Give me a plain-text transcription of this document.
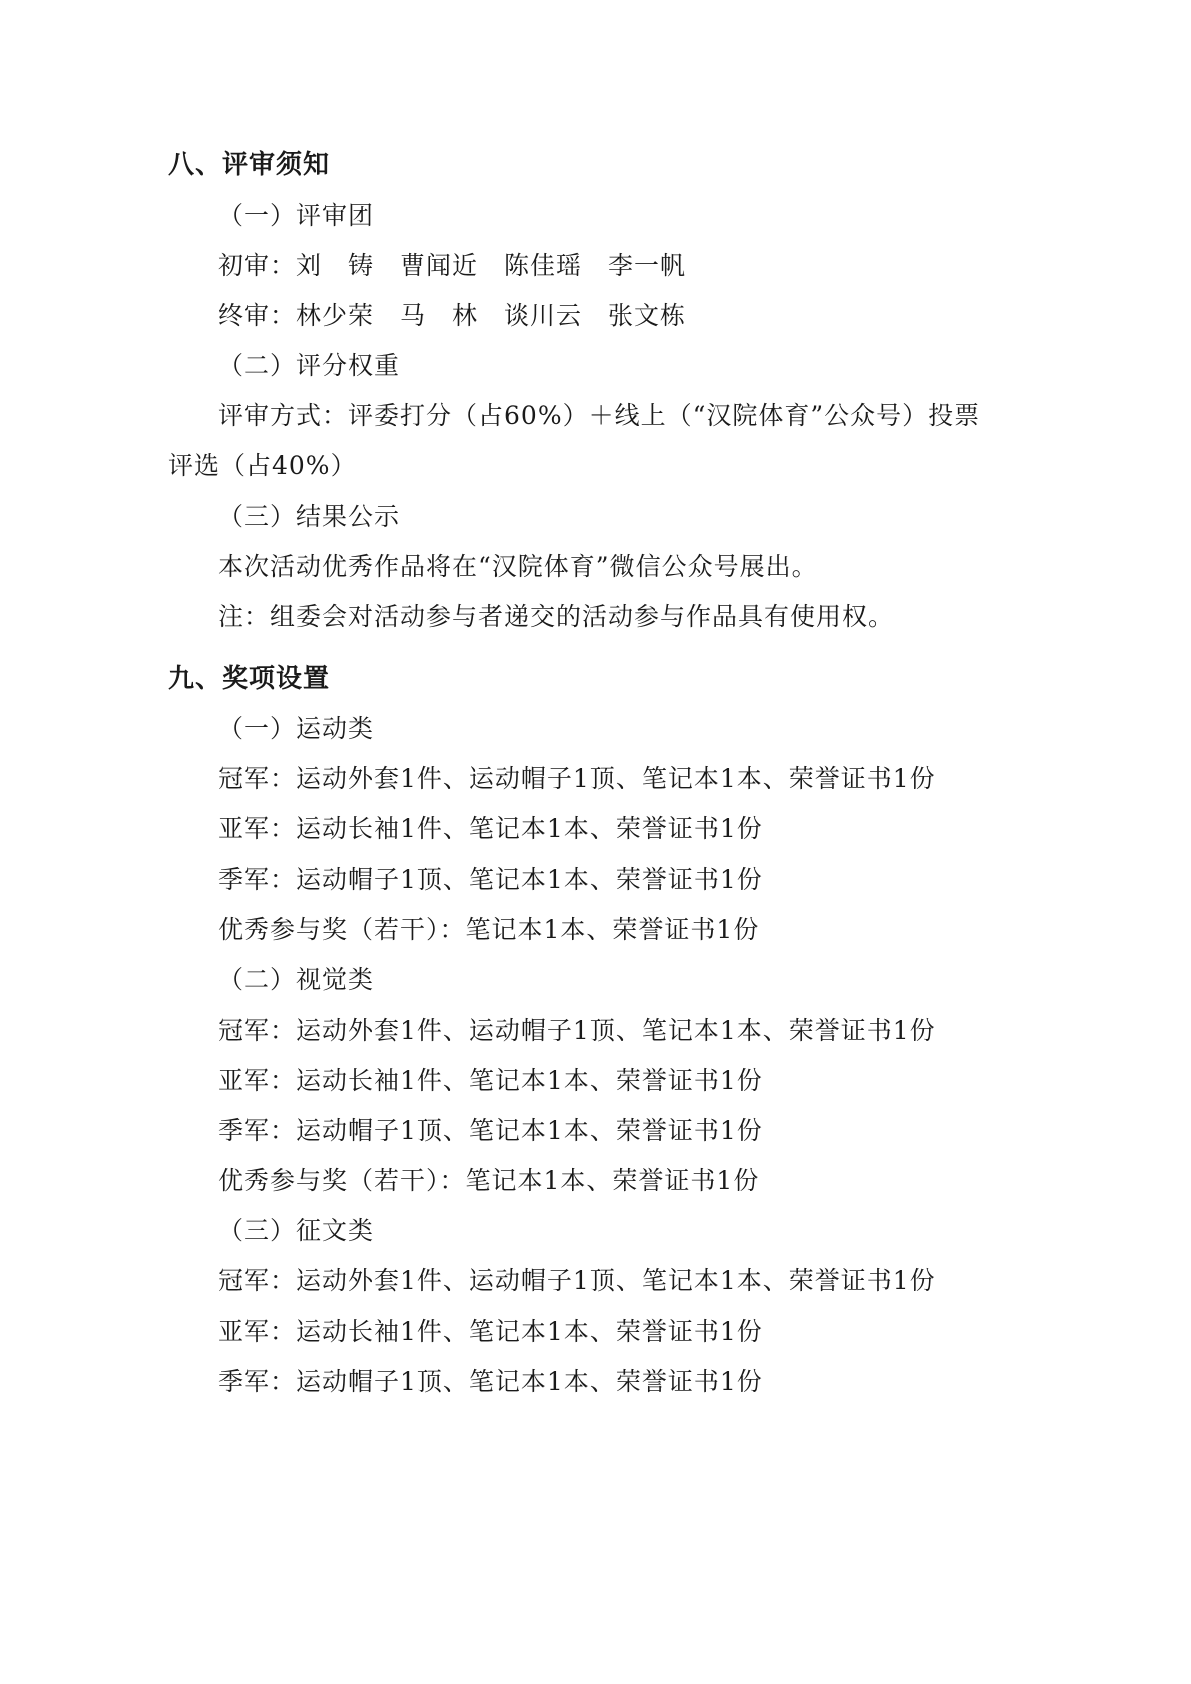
八、评审须知
（一）评审团
初审：刘　铸　曹闻近　陈佳瑶　李一帆
终审：林少荣　马　林　谈川云　张文栋
（二）评分权重
评审方式：评委打分（占60%）＋线上（“汉院体育”公众号）投票
评选（占40%）
（三）结果公示
本次活动优秀作品将在“汉院体育”微信公众号展出。
注：组委会对活动参与者递交的活动参与作品具有使用权。
九、奖项设置
（一）运动类
冠军：运动外套1件、运动帽子1顶、笔记本1本、荣誉证书1份
亚军：运动长袖1件、笔记本1本、荣誉证书1份
季军：运动帽子1顶、笔记本1本、荣誉证书1份
优秀参与奖（若干）：笔记本1本、荣誉证书1份
（二）视觉类
冠军：运动外套1件、运动帽子1顶、笔记本1本、荣誉证书1份
亚军：运动长袖1件、笔记本1本、荣誉证书1份
季军：运动帽子1顶、笔记本1本、荣誉证书1份
优秀参与奖（若干）：笔记本1本、荣誉证书1份
（三）征文类
冠军：运动外套1件、运动帽子1顶、笔记本1本、荣誉证书1份
亚军：运动长袖1件、笔记本1本、荣誉证书1份
季军：运动帽子1顶、笔记本1本、荣誉证书1份
